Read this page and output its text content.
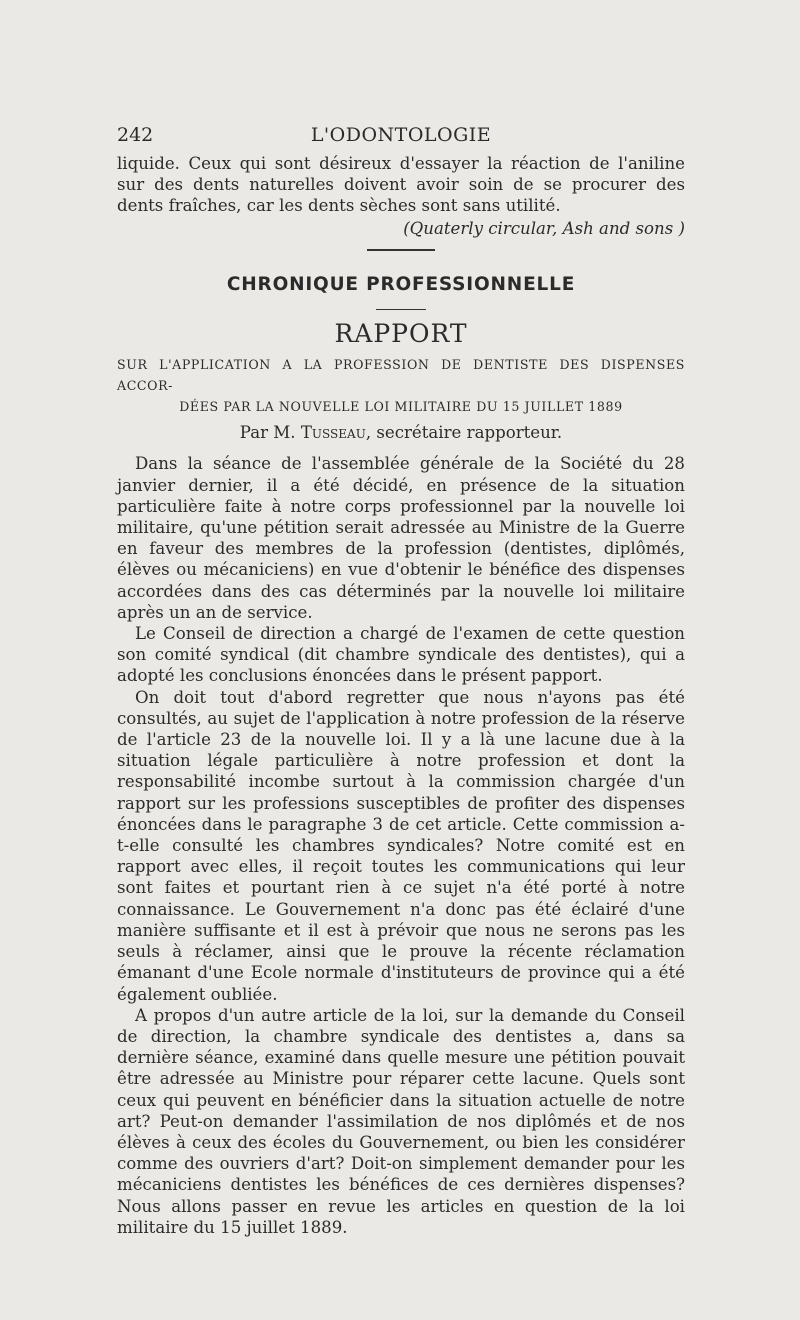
242	L'ODONTOLOGIE

liquide. Ceux qui sont désireux d'essayer la réaction de l'aniline sur des dents naturelles doivent avoir soin de se procurer des dents fraîches, car les dents sèches sont sans utilité.

(Quaterly circular, Ash and sons )

CHRONIQUE PROFESSIONNELLE
RAPPORT
SUR L'APPLICATION A LA PROFESSION DE DENTISTE DES DISPENSES ACCOR-
DÉES PAR LA NOUVELLE LOI MILITAIRE DU 15 JUILLET 1889

Par M. Tusseau, secrétaire rapporteur.

Dans la séance de l'assemblée générale de la Société du 28 janvier dernier, il a été décidé, en présence de la situation particulière faite à notre corps professionnel par la nouvelle loi militaire, qu'une pétition serait adressée au Ministre de la Guerre en faveur des membres de la profession (dentistes, diplômés, élèves ou mécaniciens) en vue d'obtenir le bénéfice des dispenses accordées dans des cas déterminés par la nouvelle loi militaire après un an de service.

Le Conseil de direction a chargé de l'examen de cette question son comité syndical (dit chambre syndicale des dentistes), qui a adopté les conclusions énoncées dans le présent papport.

On doit tout d'abord regretter que nous n'ayons pas été consultés, au sujet de l'application à notre profession de la réserve de l'article 23 de la nouvelle loi. Il y a là une lacune due à la situation légale particulière à notre profession et dont la responsabilité incombe surtout à la commission chargée d'un rapport sur les professions susceptibles de profiter des dispenses énoncées dans le paragraphe 3 de cet article. Cette commission a-t-elle consulté les chambres syndicales? Notre comité est en rapport avec elles, il reçoit toutes les communications qui leur sont faites et pourtant rien à ce sujet n'a été porté à notre connaissance. Le Gouvernement n'a donc pas été éclairé d'une manière suffisante et il est à prévoir que nous ne serons pas les seuls à réclamer, ainsi que le prouve la récente réclamation émanant d'une Ecole normale d'instituteurs de province qui a été également oubliée.

A propos d'un autre article de la loi, sur la demande du Conseil de direction, la chambre syndicale des dentistes a, dans sa dernière séance, examiné dans quelle mesure une pétition pouvait être adressée au Ministre pour réparer cette lacune. Quels sont ceux qui peuvent en bénéficier dans la situation actuelle de notre art? Peut-on demander l'assimilation de nos diplômés et de nos élèves à ceux des écoles du Gouvernement, ou bien les considérer comme des ouvriers d'art? Doit-on simplement demander pour les mécaniciens dentistes les bénéfices de ces dernières dispenses? Nous allons passer en revue les articles en question de la loi militaire du 15 juillet 1889.
